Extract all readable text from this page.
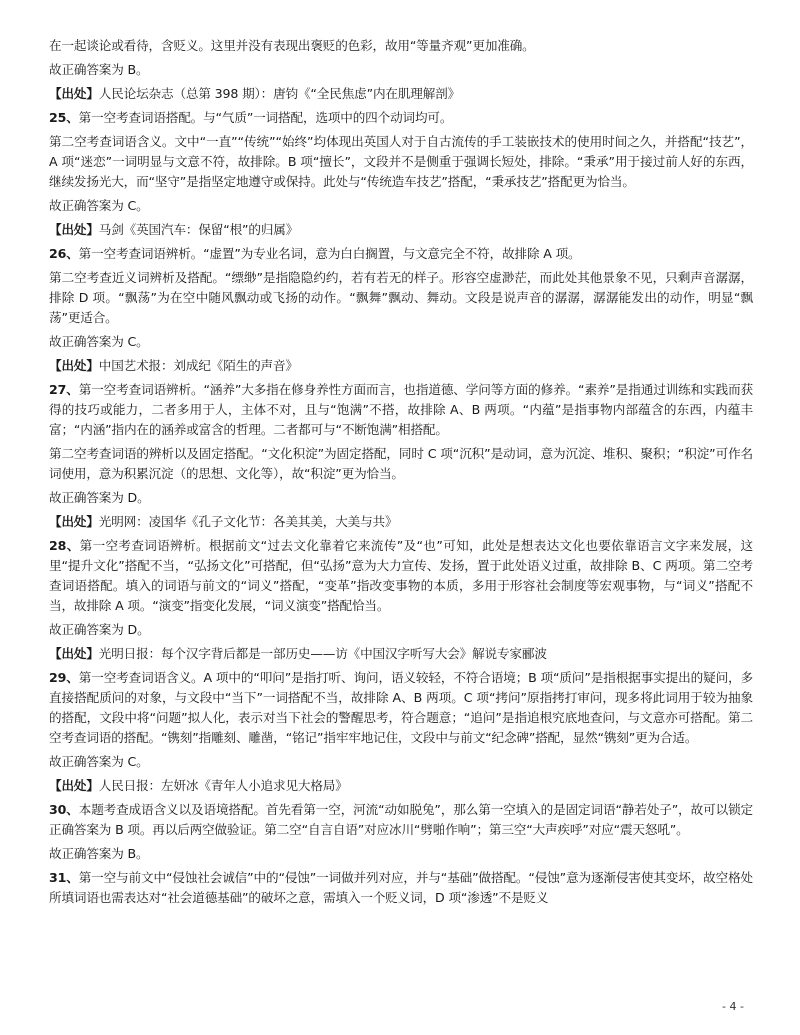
在一起谈论或看待，含贬义。这里并没有表现出褒贬的色彩，故用“等量齐观”更加准确。
故正确答案为 B。
【出处】人民论坛杂志（总第 398 期）：唐钧《“全民焦虑”内在肌理解剖》
25、第一空考查词语搭配。与“气质”一词搭配，选项中的四个动词均可。
第二空考查词语含义。文中“一直”“传统”“始终”均体现出英国人对于自古流传的手工装嵌技术的使用时间之久，并搭配“技艺”，A 项“迷恋”一词明显与文意不符，故排除。B 项“擅长”，文段并不是侧重于强调长短处，排除。“秉承”用于接过前人好的东西，继续发扬光大，而“坚守”是指坚定地遵守或保持。此处与“传统造车技艺”搭配，“秉承技艺”搭配更为恰当。
故正确答案为 C。
【出处】马剑《英国汽车：保留“根”的归属》
26、第一空考查词语辨析。“虚置”为专业名词，意为白白搁置，与文意完全不符，故排除 A 项。
第二空考查近义词辨析及搭配。“缥缈”是指隐隐约约，若有若无的样子。形容空虚渺茫，而此处其他景象不见，只剩声音潺潺，排除 D 项。“飘荡”为在空中随风飘动或飞扬的动作。“飘舞”飘动、舞动。文段是说声音的潺潺，潺潺能发出的动作，明显“飘荡”更适合。
故正确答案为 C。
【出处】中国艺术报：刘成纪《陌生的声音》
27、第一空考查词语辨析。“涵养”大多指在修身养性方面而言，也指道德、学问等方面的修养。“素养”是指通过训练和实践而获得的技巧或能力，二者多用于人，主体不对，且与“饱满”不搭，故排除 A、B 两项。“内蕴”是指事物内部蕴含的东西，内蕴丰富；“内涵”指内在的涵养或富含的哲理。二者都可与“不断饱满”相搭配。
第二空考查词语的辨析以及固定搭配。“文化积淀”为固定搭配，同时 C 项“沉积”是动词，意为沉淀、堆积、聚积；“积淀”可作名词使用，意为积累沉淀（的思想、文化等），故“积淀”更为恰当。
故正确答案为 D。
【出处】光明网：凌国华《孔子文化节：各美其美，大美与共》
28、第一空考查词语辨析。根据前文“过去文化靠着它来流传”及“也”可知，此处是想表达文化也要依靠语言文字来发展，这里“提升文化”搭配不当，“弘扬文化”可搭配，但“弘扬”意为大力宣传、发扬，置于此处语义过重，故排除 B、C 两项。第二空考查词语搭配。填入的词语与前文的“词义”搭配，“变革”指改变事物的本质，多用于形容社会制度等宏观事物，与“词义”搭配不当，故排除 A 项。“演变”指变化发展，“词义演变”搭配恰当。
故正确答案为 D。
【出处】光明日报：每个汉字背后都是一部历史——访《中国汉字听写大会》解说专家郦波
29、第一空考查词语含义。A 项中的“叩问”是指打听、询问，语义较轻，不符合语境；B 项“质问”是指根据事实提出的疑问，多直接搭配质问的对象，与文段中“当下”一词搭配不当，故排除 A、B 两项。C 项“拷问”原指拷打审问，现多将此词用于较为抽象的搭配，文段中将“问题”拟人化，表示对当下社会的警醒思考，符合题意；“追问”是指追根究底地查问，与文意亦可搭配。第二空考查词语的搭配。“镌刻”指雕刻、雕凿，“铭记”指牢牢地记住，文段中与前文“纪念碑”搭配，显然“镌刻”更为合适。
故正确答案为 C。
【出处】人民日报：左妍冰《青年人小追求见大格局》
30、本题考查成语含义以及语境搭配。首先看第一空，河流“动如脱兔”，那么第一空填入的是固定词语“静若处子”，故可以锁定正确答案为 B 项。再以后两空做验证。第二空“自言自语”对应冰川“劈啪作响”；第三空“大声疾呼”对应“震天怒吼”。
故正确答案为 B。
31、第一空与前文中“侵蚀社会诚信”中的“侵蚀”一词做并列对应，并与“基础”做搭配。“侵蚀”意为逐渐侵害使其变坏，故空格处所填词语也需表达对“社会道德基础”的破坏之意，需填入一个贬义词，D 项“渗透”不是贬义
- 4 -
